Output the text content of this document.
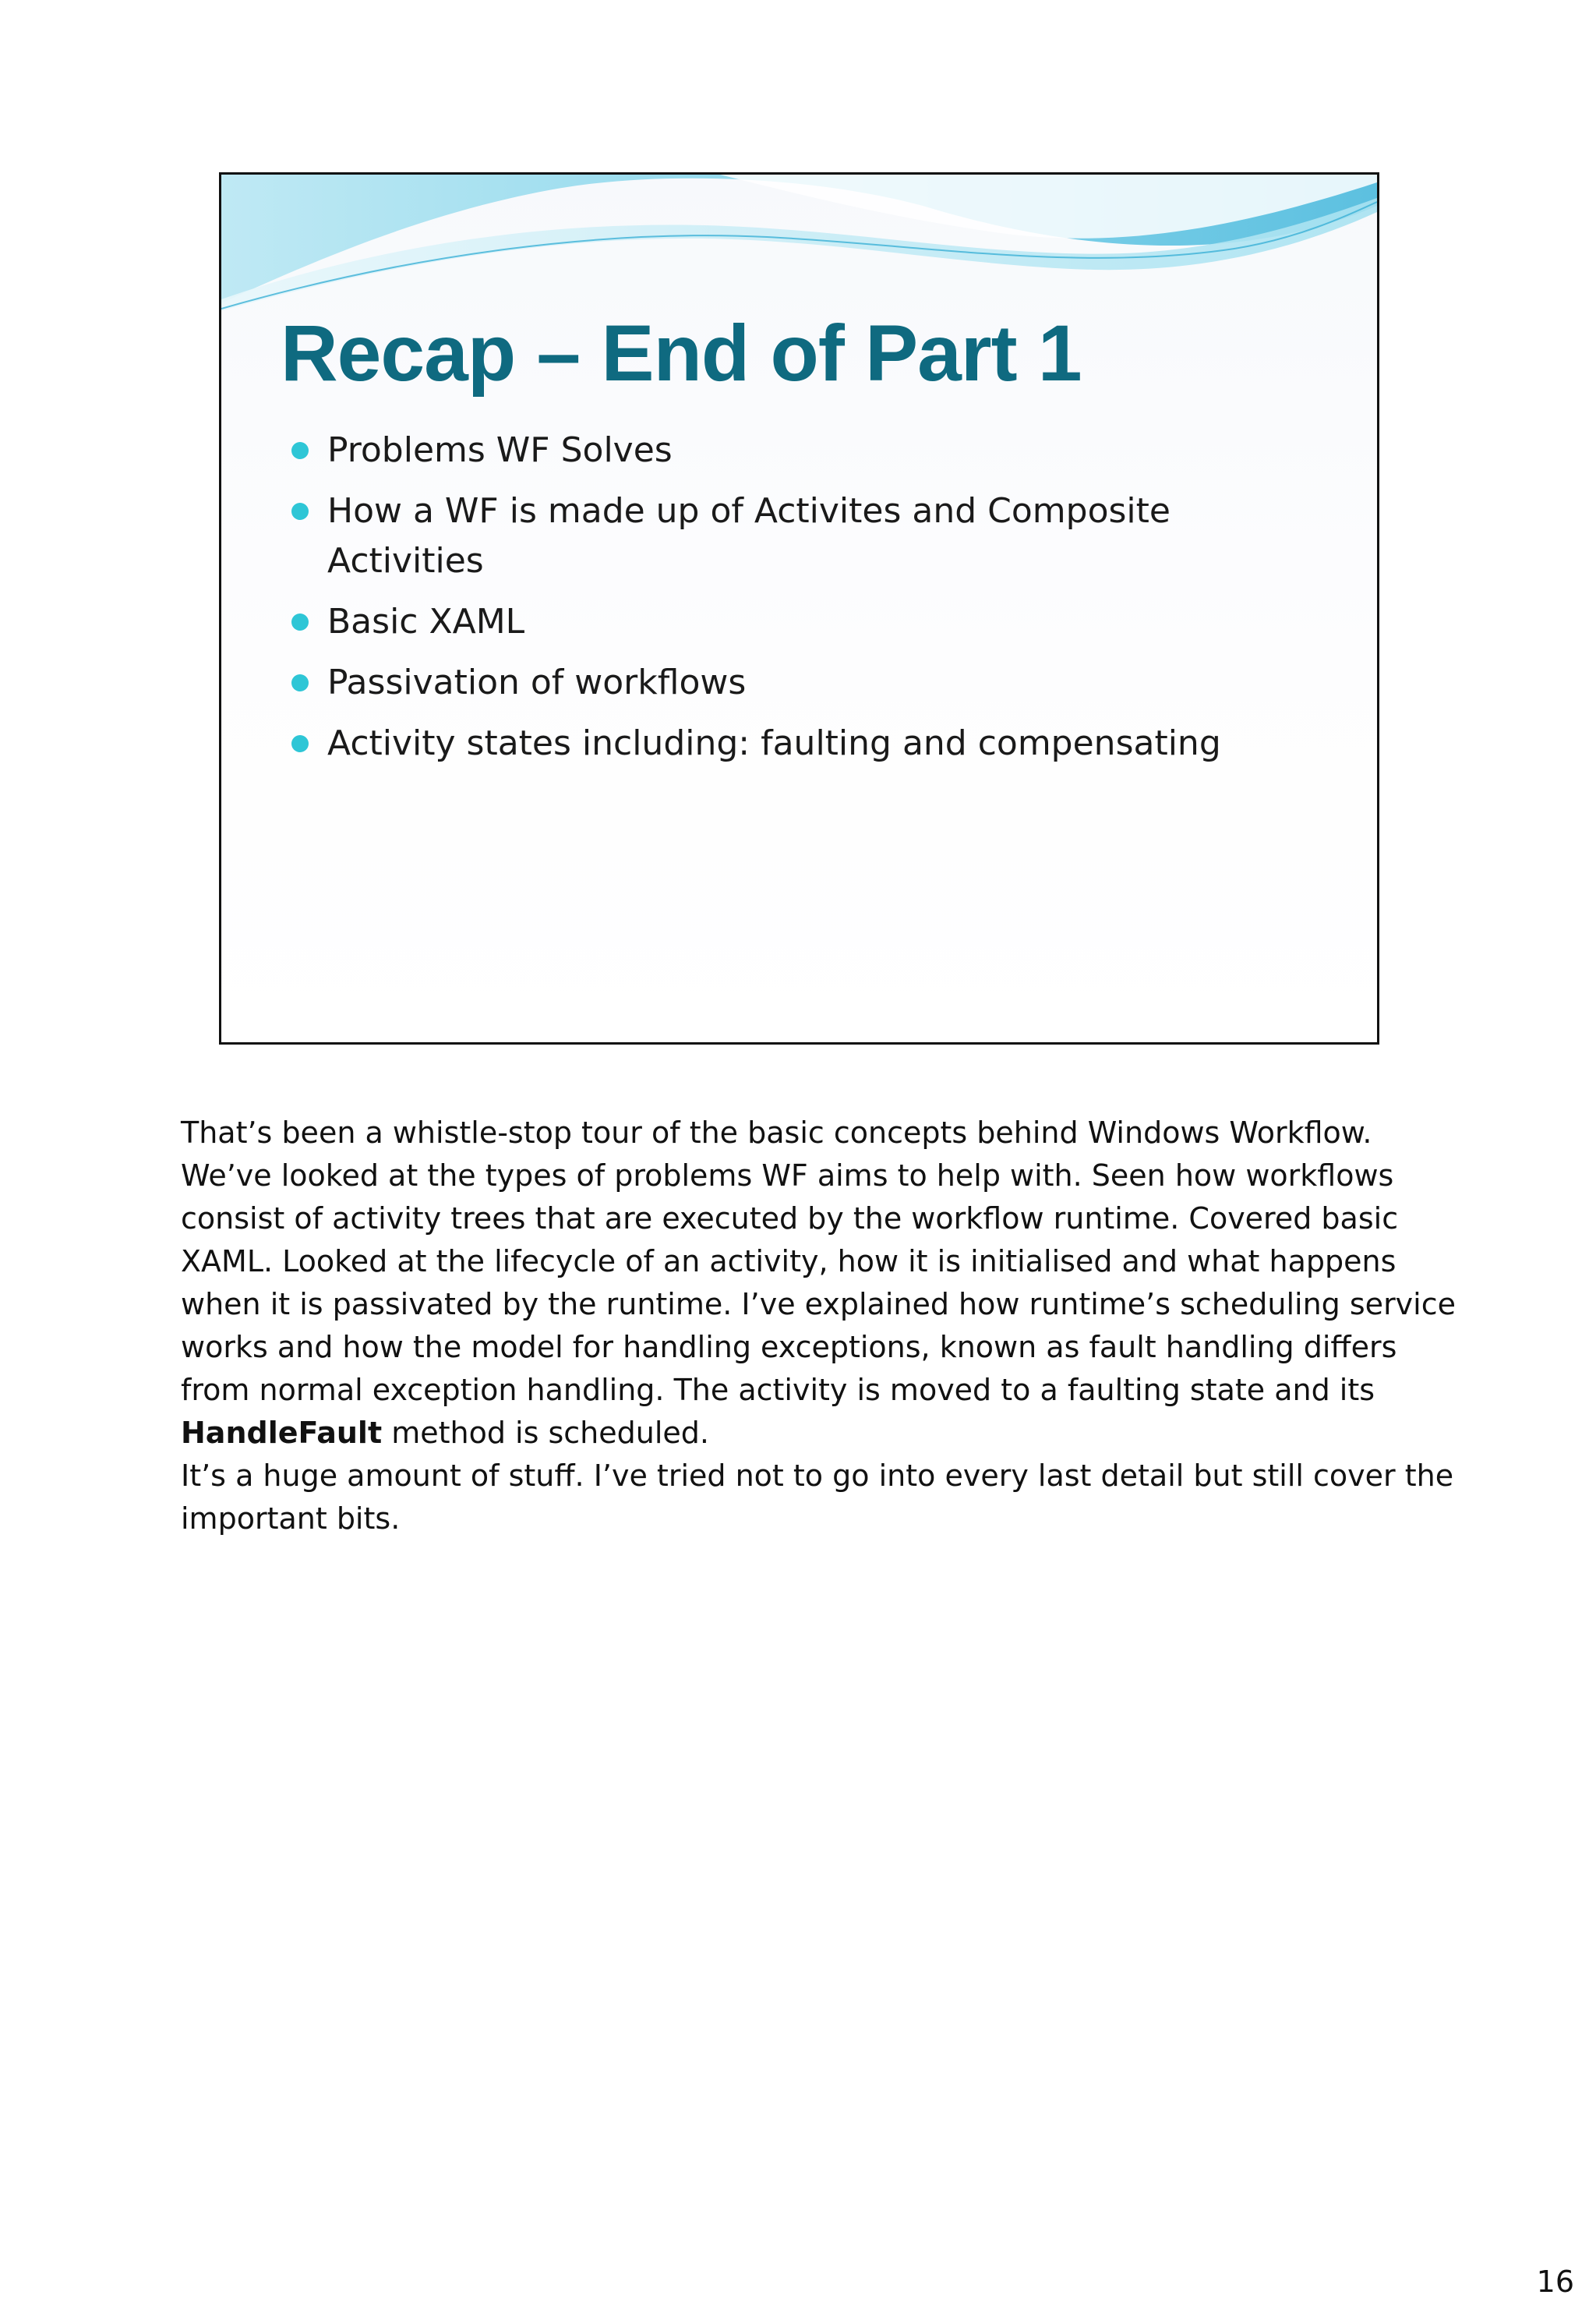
Recap – End of Part 1
Problems WF Solves
How a WF is made up of Activites and Composite Activities
Basic XAML
Passivation of workflows
Activity states including: faulting and compensating

That’s been a whistle-stop tour of the basic concepts behind Windows Workflow. We’ve looked at the types of problems WF aims to help with. Seen how workflows consist of activity trees that are executed by the workflow runtime. Covered basic XAML. Looked at the lifecycle of an activity, how it is initialised and what happens when it is passivated by the runtime. I’ve explained how runtime’s scheduling service works and how the model for handling exceptions, known as fault handling differs from normal exception handling. The activity is moved to a faulting state and its HandleFault method is scheduled.

It’s a huge amount of stuff. I’ve tried not to go into every last detail but still cover the important bits.

16
